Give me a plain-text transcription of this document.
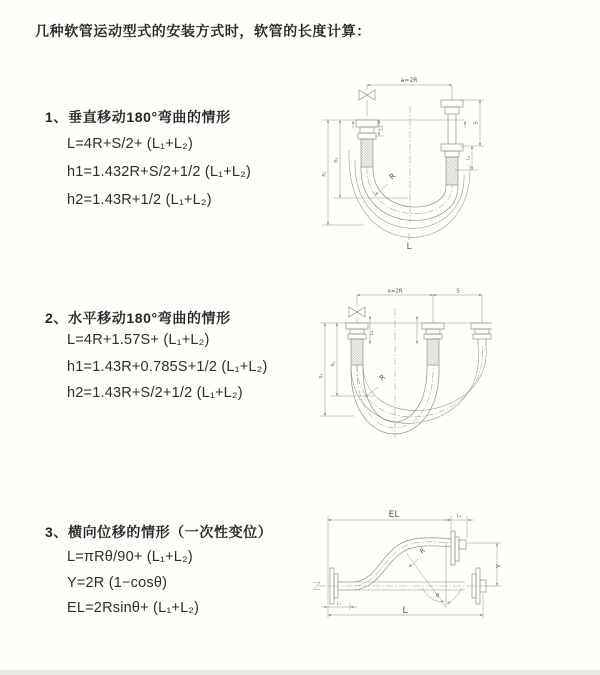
几种软管运动型式的安装方式时，软管的长度计算：
1、垂直移动180°弯曲的情形
L=4R+S/2+ (L₁+L₂)
h1=1.432R+S/2+1/2 (L₁+L₂)
h2=1.43R+1/2 (L₁+L₂)
2、水平移动180°弯曲的情形
L=4R+1.57S+ (L₁+L₂)
h1=1.43R+0.785S+1/2 (L₁+L₂)
h2=1.43R+S/2+1/2 (L₁+L₂)
3、横向位移的情形（一次性变位）
L=πRθ/90+ (L₁+L₂)
Y=2R (1−cosθ)
EL=2Rsinθ+ (L₁+L₂)
a=2R
R
L
h₁
h₂
L₁
S
L₂
a=2R	S
h₁
h₂
L₁
R
EL	L₂
Y
R
θ
L
L₁
